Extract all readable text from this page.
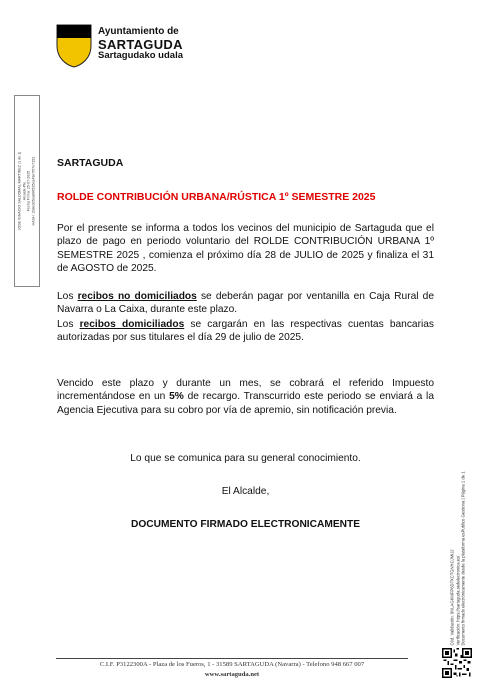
Ayuntamiento de
SARTAGUDA
Sartagudako udala
JOSE IGNACIO SALDOMAL MARTINEZ (1 de 1) Alcalde-Pte Fecha Firma: 25-07-2025 HASH: 2b8e3b5ca896525ea49e7f07e7152 SARTAGUDA
ROLDE CONTRIBUCIÓN URBANA/RÚSTICA 1º SEMESTRE 2025
Por el presente se informa a todos los vecinos del municipio de Sartaguda que el plazo de pago en periodo voluntario del ROLDE CONTRIBUCIÓN URBANA 1º SEMESTRE 2025 , comienza el próximo día 28 de JULIO de 2025 y finaliza el 31 de AGOSTO de 2025.
Los recibos no domiciliados se deberán pagar por ventanilla en Caja Rural de Navarra o La Caixa, durante este plazo.
Los recibos domiciliados se cargarán en las respectivas cuentas bancarias autorizadas por sus titulares el día 29 de julio de 2025.
Vencido este plazo y durante un mes, se cobrará el referido Impuesto incrementándose en un 5% de recargo. Transcurrido este periodo se enviará a la Agencia Ejecutiva para su cobro por vía de apremio, sin notificación previa.
Lo que se comunica para su general conocimiento.
El Alcalde,
DOCUMENTO FIRMADO ELECTRONICAMENTE
Cód. Validación: 9NLAGKMFP6D7XCTGNHCJMIJJ Verificación: https://sartaguda.sedelectronica.es/ Documento firmado electrónicamente desde la plataforma esPublico Gestiona | Página 1 de 1
C.I.F. P3122300A - Plaza de los Fueros, 1 - 31589 SARTAGUDA (Navarra) - Telefono 948 667 007
www.sartaguda.net
